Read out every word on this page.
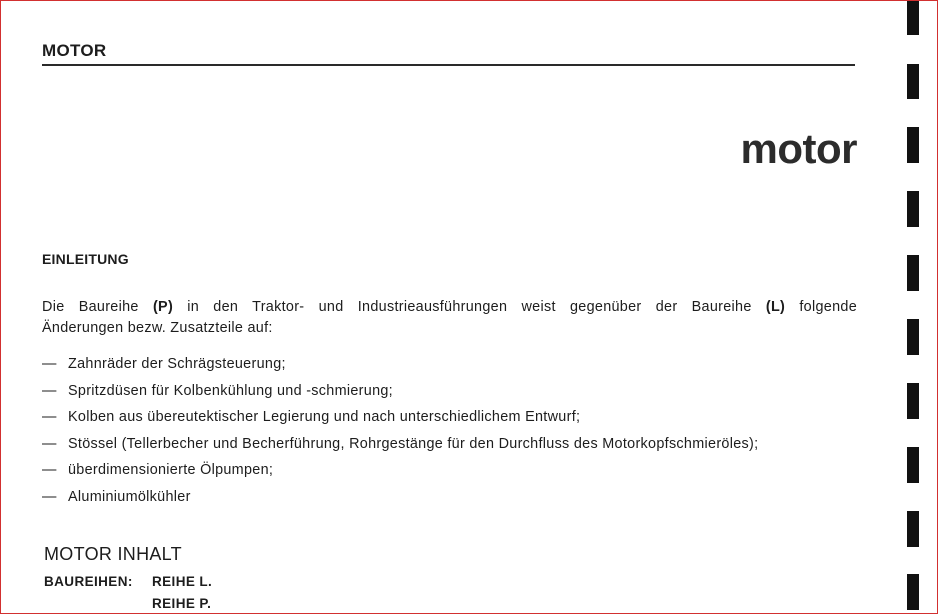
MOTOR
motor
EINLEITUNG
Die Baureihe (P) in den Traktor- und Industrieausführungen weist gegenüber der Baureihe (L) folgende
Änderungen bezw. Zusatzteile auf:
— Zahnräder der Schrägsteuerung;
— Spritzdüsen für Kolbenkühlung und -schmierung;
— Kolben aus übereutektischer Legierung und nach unterschiedlichem Entwurf;
— Stössel (Tellerbecher und Becherführung, Rohrgestänge für den Durchfluss des Motorkopfschmieröles);
— überdimensionierte Ölpumpen;
— Aluminiumölkühler
MOTOR INHALT
BAUREIHEN: REIHE L.
REIHE P.
